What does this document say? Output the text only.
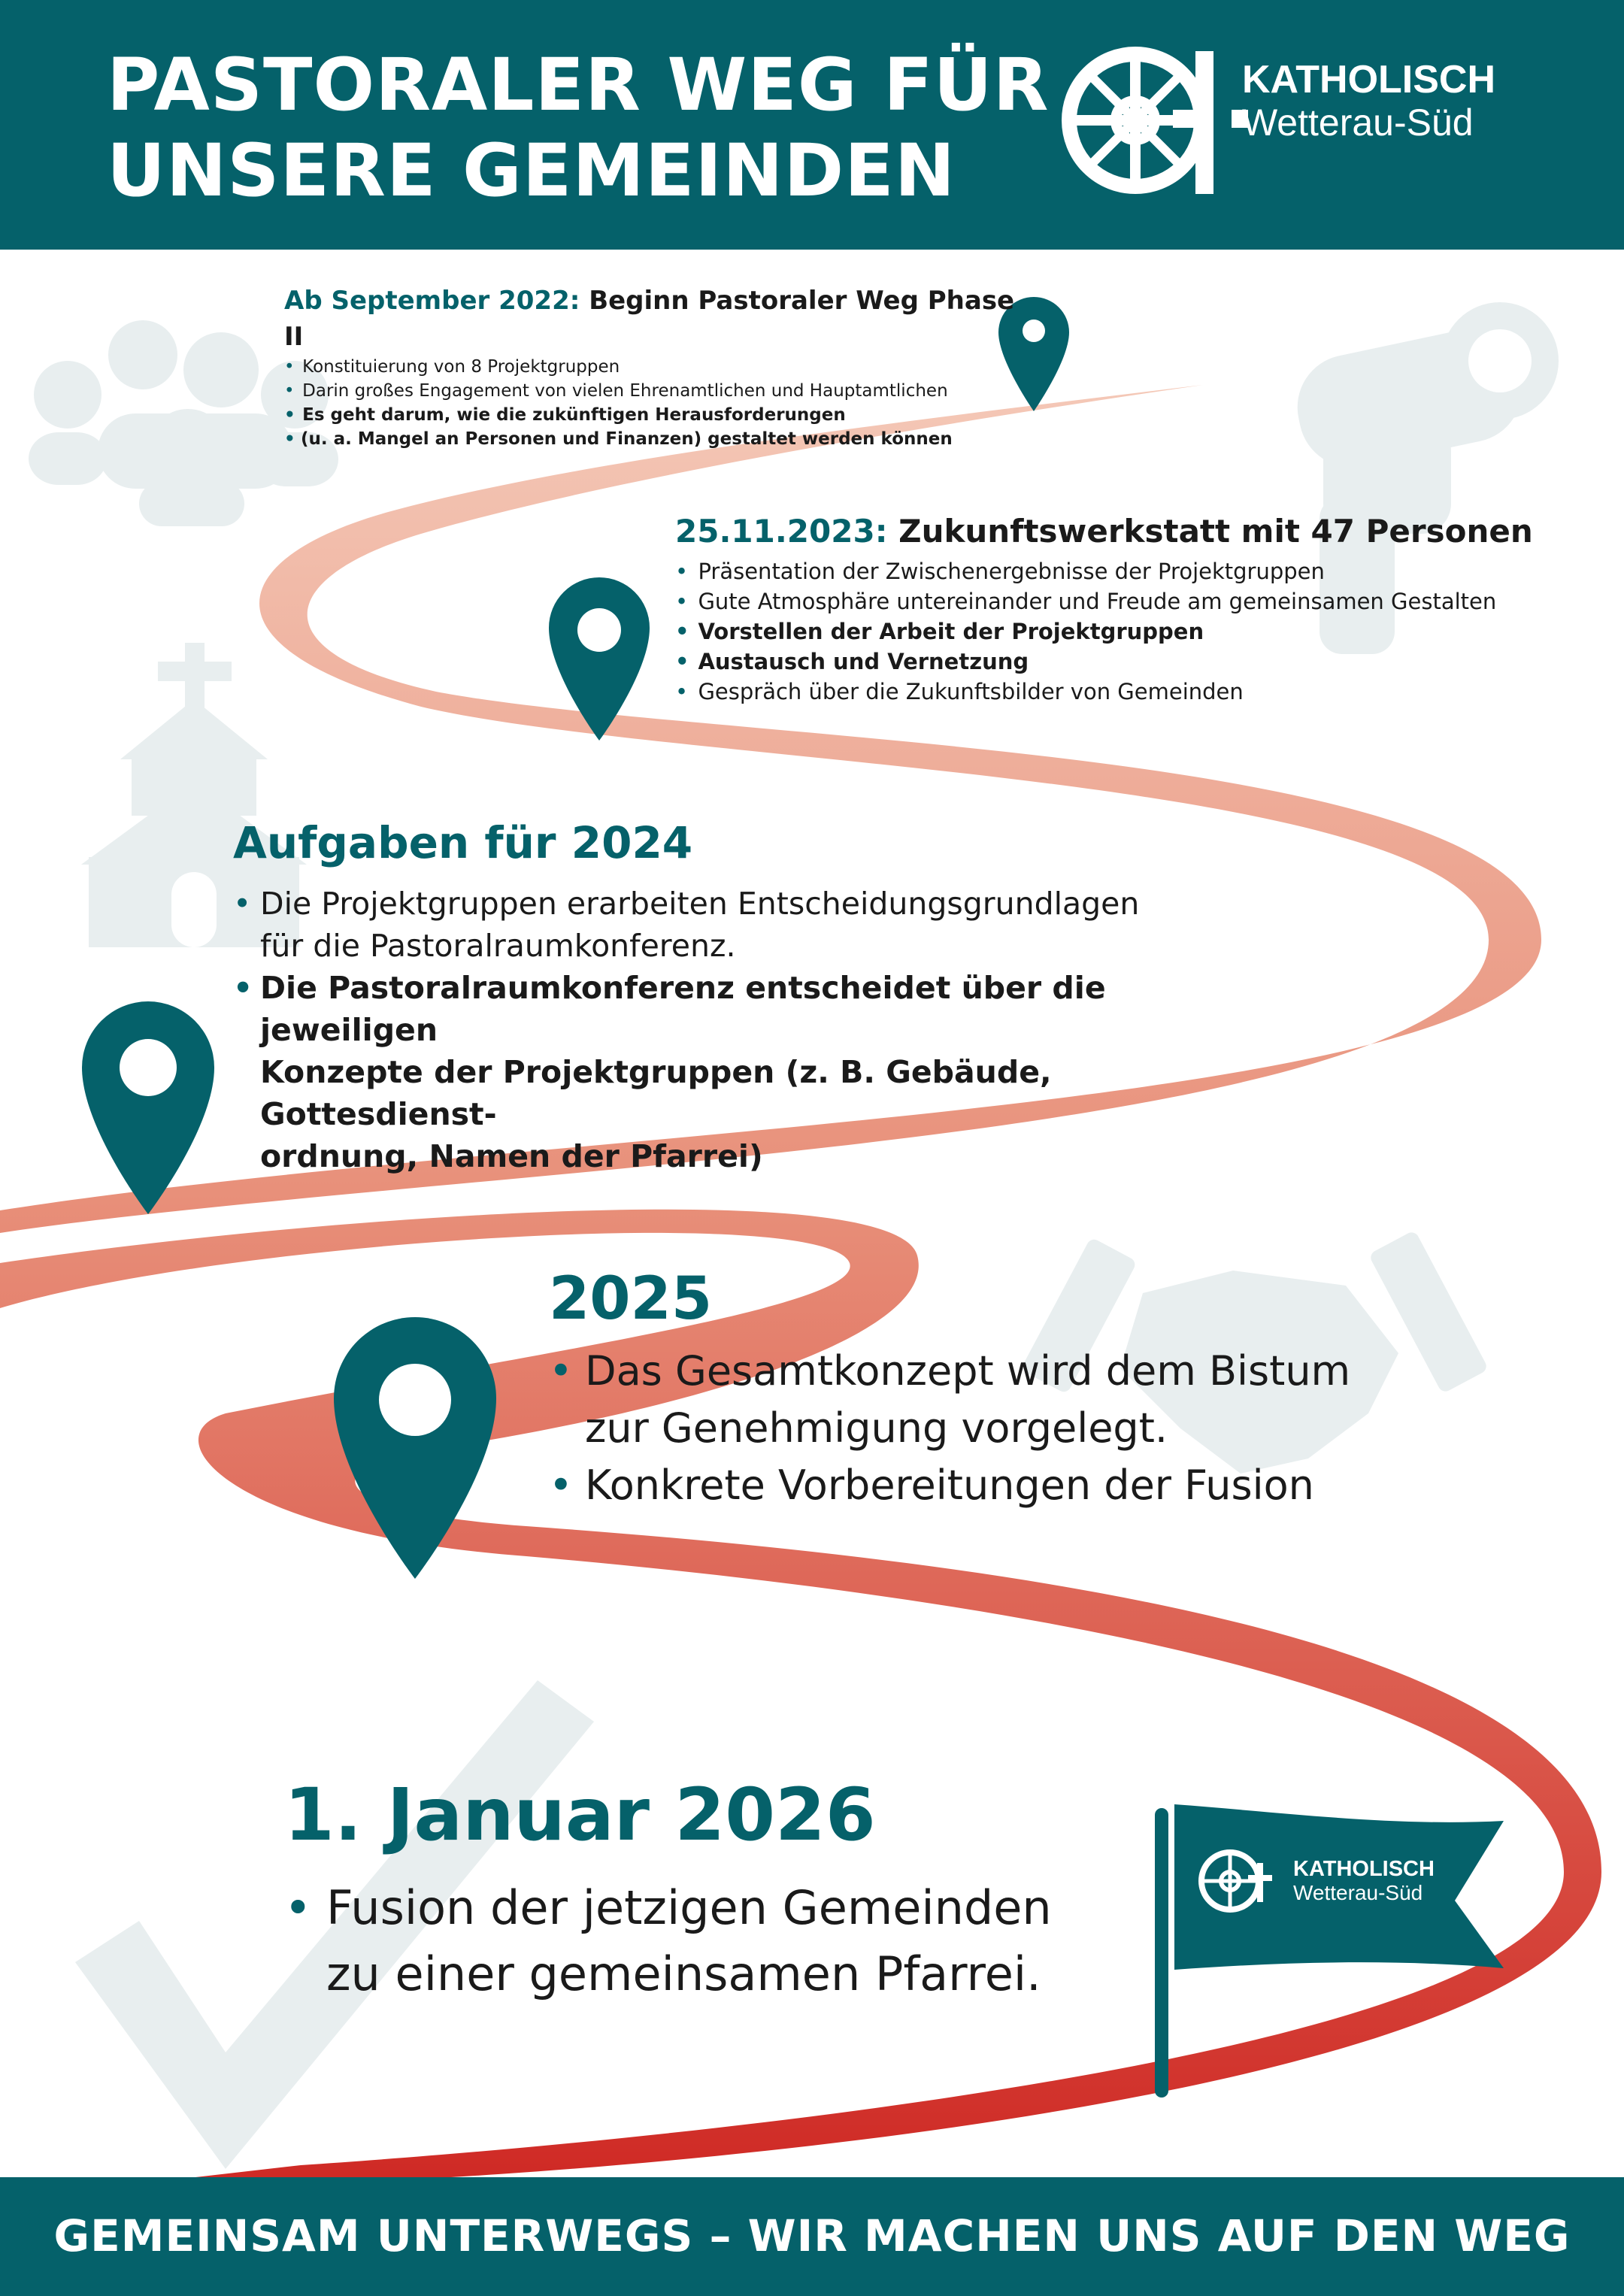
PASTORALER WEG FÜR
UNSERE GEMEINDEN
KATHOLISCH
Wetterau-Süd
Ab September 2022: Beginn Pastoraler Weg Phase II
• Konstituierung von 8 Projektgruppen
• Darin großes Engagement von vielen Ehrenamtlichen und Hauptamtlichen
• Es geht darum, wie die zukünftigen Herausforderungen
• (u. a. Mangel an Personen und Finanzen) gestaltet werden können
25.11.2023: Zukunftswerkstatt mit 47 Personen
• Präsentation der Zwischenergebnisse der Projektgruppen
• Gute Atmosphäre untereinander und Freude am gemeinsamen Gestalten
• Vorstellen der Arbeit der Projektgruppen
• Austausch und Vernetzung
• Gespräch über die Zukunftsbilder von Gemeinden
Aufgaben für 2024
• Die Projektgruppen erarbeiten Entscheidungsgrundlagen
für die Pastoralraumkonferenz.
• Die Pastoralraumkonferenz entscheidet über die jeweiligen
Konzepte der Projektgruppen (z. B. Gebäude, Gottesdienst-
ordnung, Namen der Pfarrei)
2025
• Das Gesamtkonzept wird dem Bistum
zur Genehmigung vorgelegt.
• Konkrete Vorbereitungen der Fusion
1. Januar 2026
• Fusion der jetzigen Gemeinden
zu einer gemeinsamen Pfarrei.
KATHOLISCH
Wetterau-Süd
GEMEINSAM UNTERWEGS – WIR MACHEN UNS AUF DEN WEG
